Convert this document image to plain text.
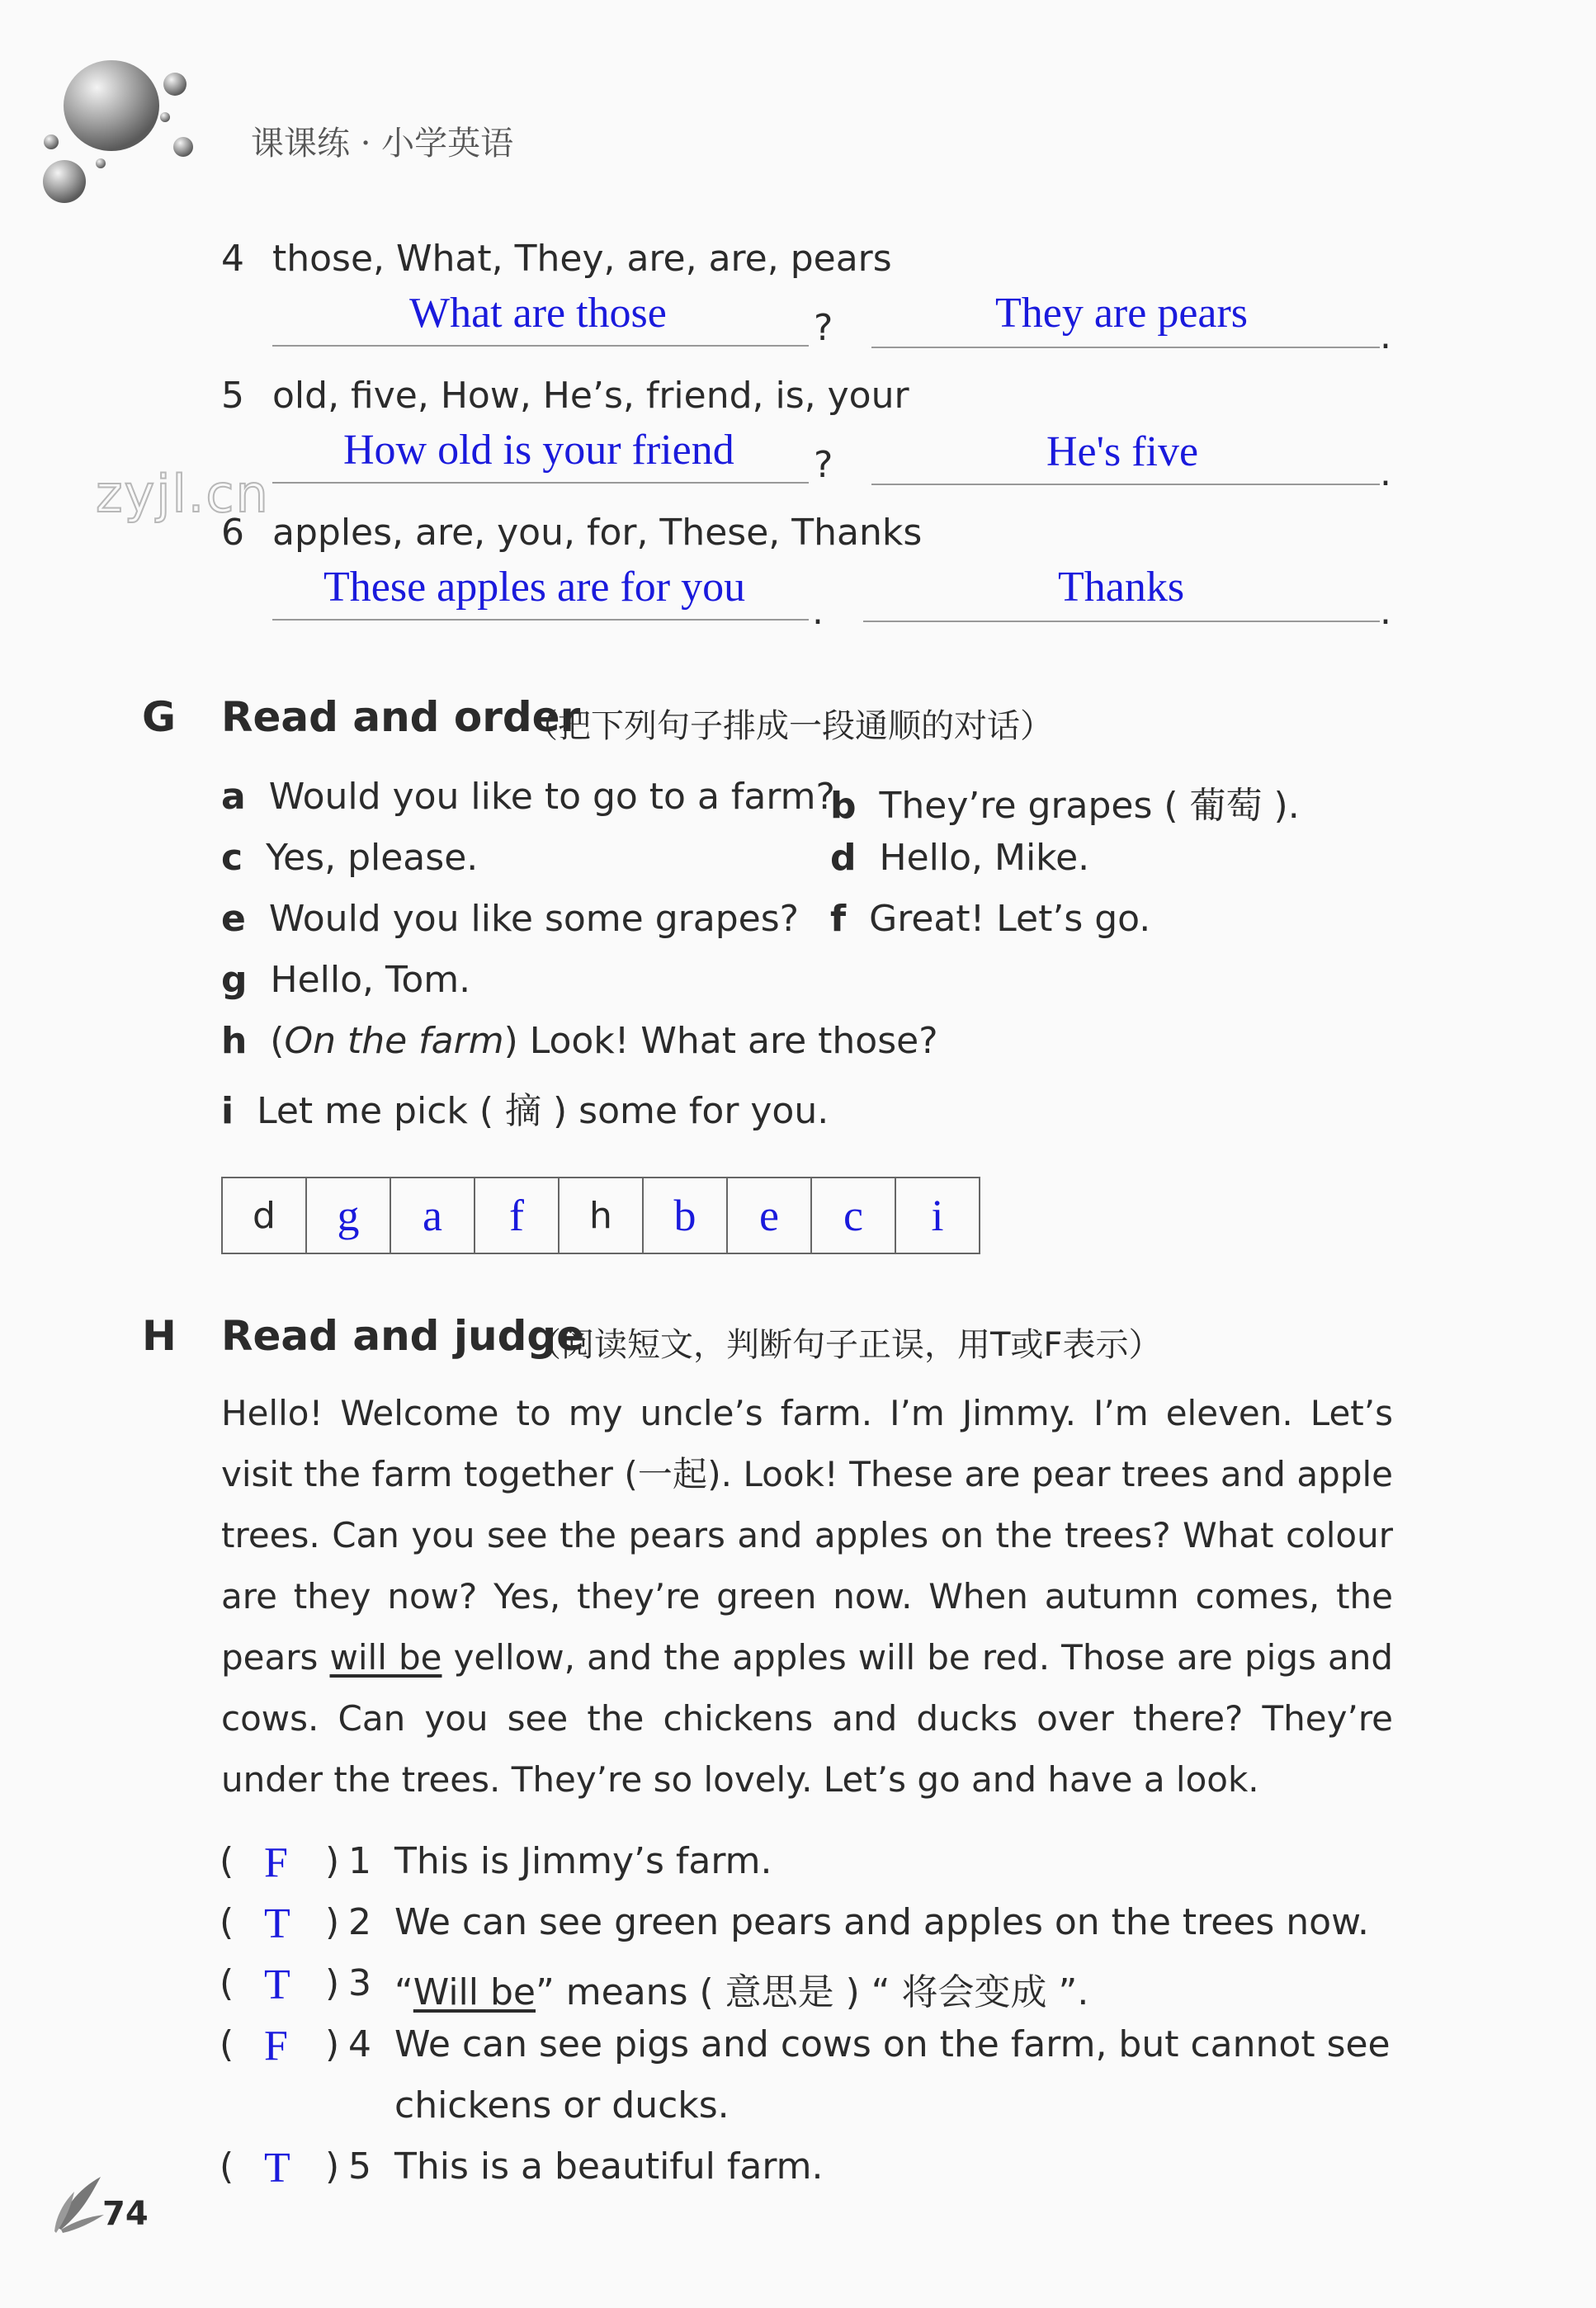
课课练 · 小学英语
4 those, What, They, are, are, pears
What are those	?	They are pears	.
5 old, five, How, He’s, friend, is, your
How old is your friend ?	He's five	.
zyjl.cn
6 apples, are, you, for, These, Thanks
These apples are for you
.
Thanks
.
G Read and order
（把下列句子排成一段通顺的对话）
a Would you like to go to a farm?
b They’re grapes ( 葡萄 ).
c Yes, please.	d Hello, Mike.
e Would you like some grapes? f Great! Let’s go.
g Hello, Tom.
h  (On the farm) Look! What are those?
i Let me pick ( 摘 ) some for you.
d	g	a	f	h	b	e	c	i
H Read and judge
（阅读短文，判断句子正误，用T或F表示）
Hello! Welcome to my uncle’s farm. I’m Jimmy. I’m eleven. Let’s visit the farm together (一起). Look! These are pear trees and apple trees. Can you see the pears and apples on the trees? What colour are they now? Yes, they’re green now. When autumn comes, the pears will be yellow, and the apples will be red. Those are pigs and cows. Can you see the chickens and ducks over there? They’re under the trees. They’re so lovely. Let’s go and have a look.
( F ) 1 This is Jimmy’s farm.
( T ) 2 We can see green pears and apples on the trees now.
( T ) 3 “Will be” means ( 意思是 ) “ 将会变成 ”.
( F ) 4 We can see pigs and cows on the farm, but cannot see
chickens or ducks.
( T ) 5 This is a beautiful farm.
74
